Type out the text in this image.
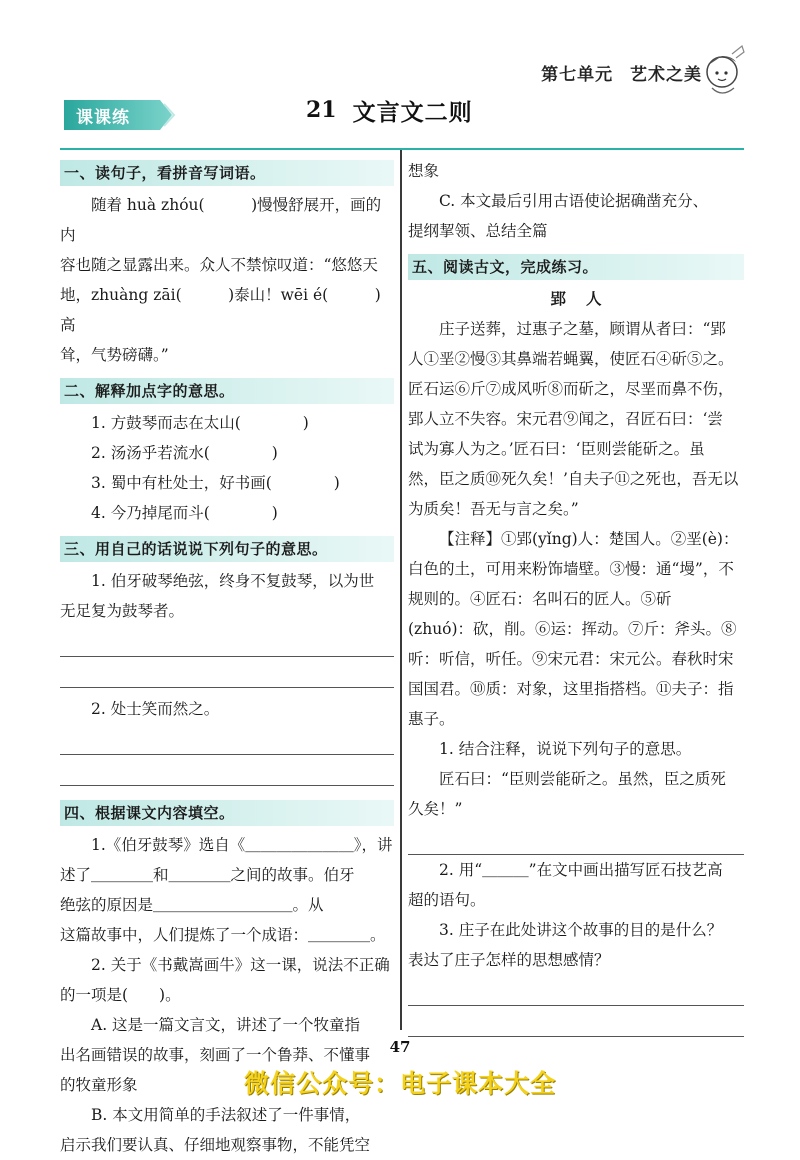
第七单元 艺术之美
课课练	21 文言文二则
一、读句子，看拼音写词语。
随着 huà zhóu(　　　)慢慢舒展开，画的内
容也随之显露出来。众人不禁惊叹道：“悠悠天
地，zhuàng zāi(　　　)泰山！wēi é(　　　)高
耸，气势磅礴。”
二、解释加点字的意思。
1. 方鼓琴而志在太山(　　　　)
2. 汤汤乎若流水(　　　　)
3. 蜀中有杜处士，好书画(　　　　)
4. 今乃掉尾而斗(　　　　)
三、用自己的话说说下列句子的意思。
1. 伯牙破琴绝弦，终身不复鼓琴，以为世
无足复为鼓琴者。
2. 处士笑而然之。
四、根据课文内容填空。
1.《伯牙鼓琴》选自《＿＿＿＿＿＿＿》，讲
述了＿＿＿＿和＿＿＿＿之间的故事。伯牙
绝弦的原因是＿＿＿＿＿＿＿＿＿。从
这篇故事中，人们提炼了一个成语：＿＿＿＿。
2. 关于《书戴嵩画牛》这一课，说法不正确
的一项是(　　)。
A. 这是一篇文言文，讲述了一个牧童指
出名画错误的故事，刻画了一个鲁莽、不懂事
的牧童形象
B. 本文用简单的手法叙述了一件事情，
启示我们要认真、仔细地观察事物，不能凭空
想象
C. 本文最后引用古语使论据确凿充分、
提纲挈领、总结全篇
五、阅读古文，完成练习。
郢人
庄子送葬，过惠子之墓，顾谓从者曰：“郢
人①垩②慢③其鼻端若蝇翼，使匠石④斫⑤之。
匠石运⑥斤⑦成风听⑧而斫之，尽垩而鼻不伤，
郢人立不失容。宋元君⑨闻之，召匠石曰：‘尝
试为寡人为之。’匠石曰：‘臣则尝能斫之。虽
然，臣之质⑩死久矣！’自夫子⑪之死也，吾无以
为质矣！吾无与言之矣。”
【注释】①郢(yǐng)人：楚国人。②垩(è)：
白色的土，可用来粉饰墙壁。③慢：通“墁”，不
规则的。④匠石：名叫石的匠人。⑤斫
(zhuó)：砍，削。⑥运：挥动。⑦斤：斧头。⑧
听：听信，听任。⑨宋元君：宋元公。春秋时宋
国国君。⑩质：对象，这里指搭档。⑪夫子：指
惠子。
1. 结合注释，说说下列句子的意思。
匠石曰：“臣则尝能斫之。虽然，臣之质死
久矣！”
2. 用“＿＿＿”在文中画出描写匠石技艺高
超的语句。
3. 庄子在此处讲这个故事的目的是什么？
表达了庄子怎样的思想感情？
47
微信公众号：电子课本大全
